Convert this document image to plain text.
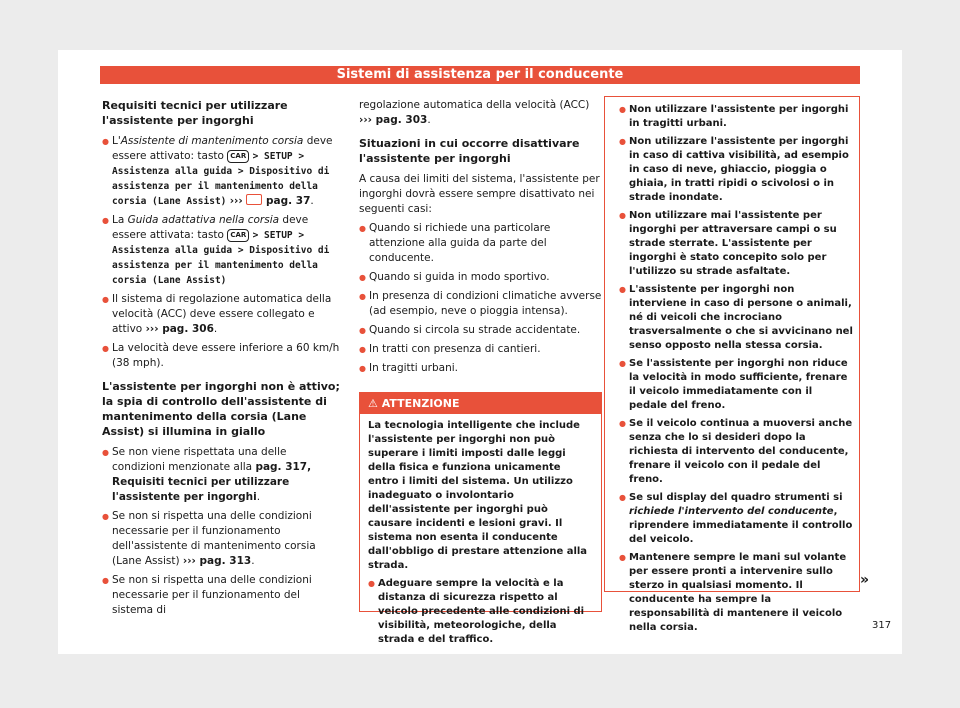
Sistemi di assistenza per il conducente
Requisiti tecnici per utilizzare l'assistente per ingorghi
● L'Assistente di mantenimento corsia deve essere attivato: tasto CAR > SETUP > Assistenza alla guida > Dispositivo di assistenza per il mantenimento della corsia (Lane Assist) ›››  pag. 37.
● La Guida adattativa nella corsia deve essere attivata: tasto CAR > SETUP > Assistenza alla guida > Dispositivo di assistenza per il mantenimento della corsia (Lane Assist)
● Il sistema di regolazione automatica della velocità (ACC) deve essere collegato e attivo ››› pag. 306.
● La velocità deve essere inferiore a 60 km/h (38 mph).
L'assistente per ingorghi non è attivo; la spia di controllo dell'assistente di mantenimento della corsia (Lane Assist) si illumina in giallo
● Se non viene rispettata una delle condizioni menzionate alla pag. 317, Requisiti tecnici per utilizzare l'assistente per ingorghi.
● Se non si rispetta una delle condizioni necessarie per il funzionamento dell'assistente di mantenimento corsia (Lane Assist) ››› pag. 313.
● Se non si rispetta una delle condizioni necessarie per il funzionamento del sistema di

regolazione automatica della velocità (ACC) ››› pag. 303.

Situazioni in cui occorre disattivare l'assistente per ingorghi

A causa dei limiti del sistema, l'assistente per ingorghi dovrà essere sempre disattivato nei seguenti casi:

● Quando si richiede una particolare attenzione alla guida da parte del conducente.
● Quando si guida in modo sportivo.
● In presenza di condizioni climatiche avverse (ad esempio, neve o pioggia intensa).
● Quando si circola su strade accidentate.
● In tratti con presenza di cantieri.
● In tragitti urbani.
⚠ ATTENZIONE

La tecnologia intelligente che include l'assistente per ingorghi non può superare i limiti imposti dalle leggi della fisica e funziona unicamente entro i limiti del sistema. Un utilizzo inadeguato o involontario dell'assistente per ingorghi può causare incidenti e lesioni gravi. Il sistema non esenta il conducente dall'obbligo di prestare attenzione alla strada.

● Adeguare sempre la velocità e la distanza di sicurezza rispetto al veicolo precedente alle condizioni di visibilità, meteorologiche, della strada e del traffico.
● Non utilizzare l'assistente per ingorghi in tragitti urbani.
● Non utilizzare l'assistente per ingorghi in caso di cattiva visibilità, ad esempio in caso di neve, ghiaccio, pioggia o ghiaia, in tratti ripidi o scivolosi o in strade inondate.
● Non utilizzare mai l'assistente per ingorghi per attraversare campi o su strade sterrate. L'assistente per ingorghi è stato concepito solo per l'utilizzo su strade asfaltate.
● L'assistente per ingorghi non interviene in caso di persone o animali, né di veicoli che incrociano trasversalmente o che si avvicinano nel senso opposto nella stessa corsia.
● Se l'assistente per ingorghi non riduce la velocità in modo sufficiente, frenare il veicolo immediatamente con il pedale del freno.
● Se il veicolo continua a muoversi anche senza che lo si desideri dopo la richiesta di intervento del conducente, frenare il veicolo con il pedale del freno.
● Se sul display del quadro strumenti si richiede l'intervento del conducente, riprendere immediatamente il controllo del veicolo.
● Mantenere sempre le mani sul volante per essere pronti a intervenire sullo sterzo in qualsiasi momento. Il conducente ha sempre la responsabilità di mantenere il veicolo nella corsia.
»
317
